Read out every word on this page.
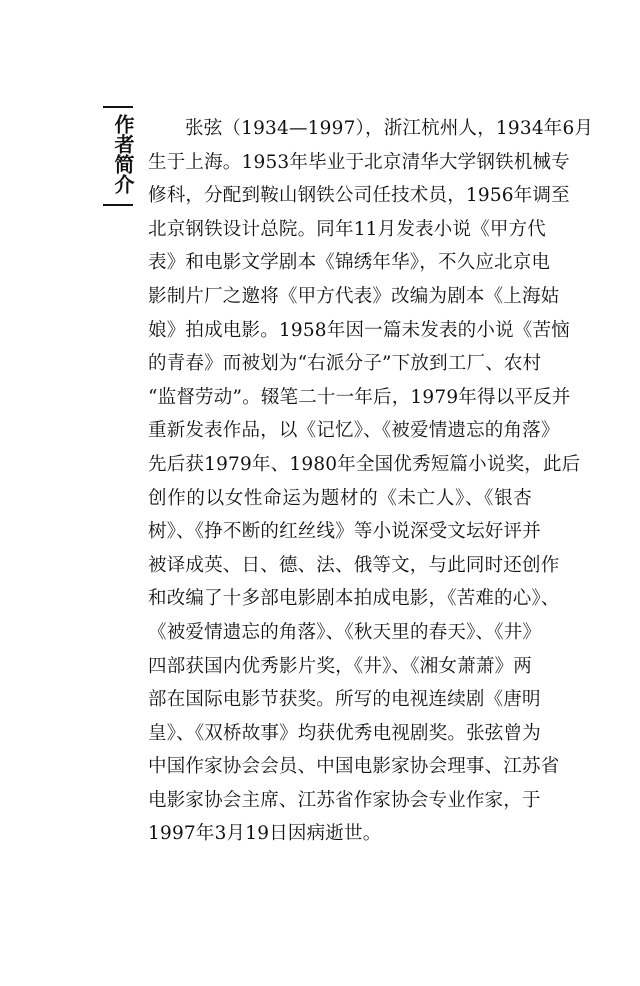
作者简介	张弦（1934—1997），浙江杭州人，1934年6月
生于上海。1953年毕业于北京清华大学钢铁机械专
修科，分配到鞍山钢铁公司任技术员，1956年调至
北京钢铁设计总院。同年11月发表小说《甲方代
表》和电影文学剧本《锦绣年华》，不久应北京电
影制片厂之邀将《甲方代表》改编为剧本《上海姑
娘》拍成电影。1958年因一篇未发表的小说《苦恼
的青春》而被划为“右派分子”下放到工厂、农村
“监督劳动”。辍笔二十一年后，1979年得以平反并
重新发表作品，以《记忆》、《被爱情遗忘的角落》
先后获1979年、1980年全国优秀短篇小说奖，此后
创作的以女性命运为题材的《未亡人》、《银杏
树》、《挣不断的红丝线》等小说深受文坛好评并
被译成英、日、德、法、俄等文，与此同时还创作
和改编了十多部电影剧本拍成电影，《苦难的心》、
《被爱情遗忘的角落》、《秋天里的春天》、《井》
四部获国内优秀影片奖，《井》、《湘女萧萧》两
部在国际电影节获奖。所写的电视连续剧《唐明
皇》、《双桥故事》均获优秀电视剧奖。张弦曾为
中国作家协会会员、中国电影家协会理事、江苏省
电影家协会主席、江苏省作家协会专业作家，于
1997年3月19日因病逝世。
